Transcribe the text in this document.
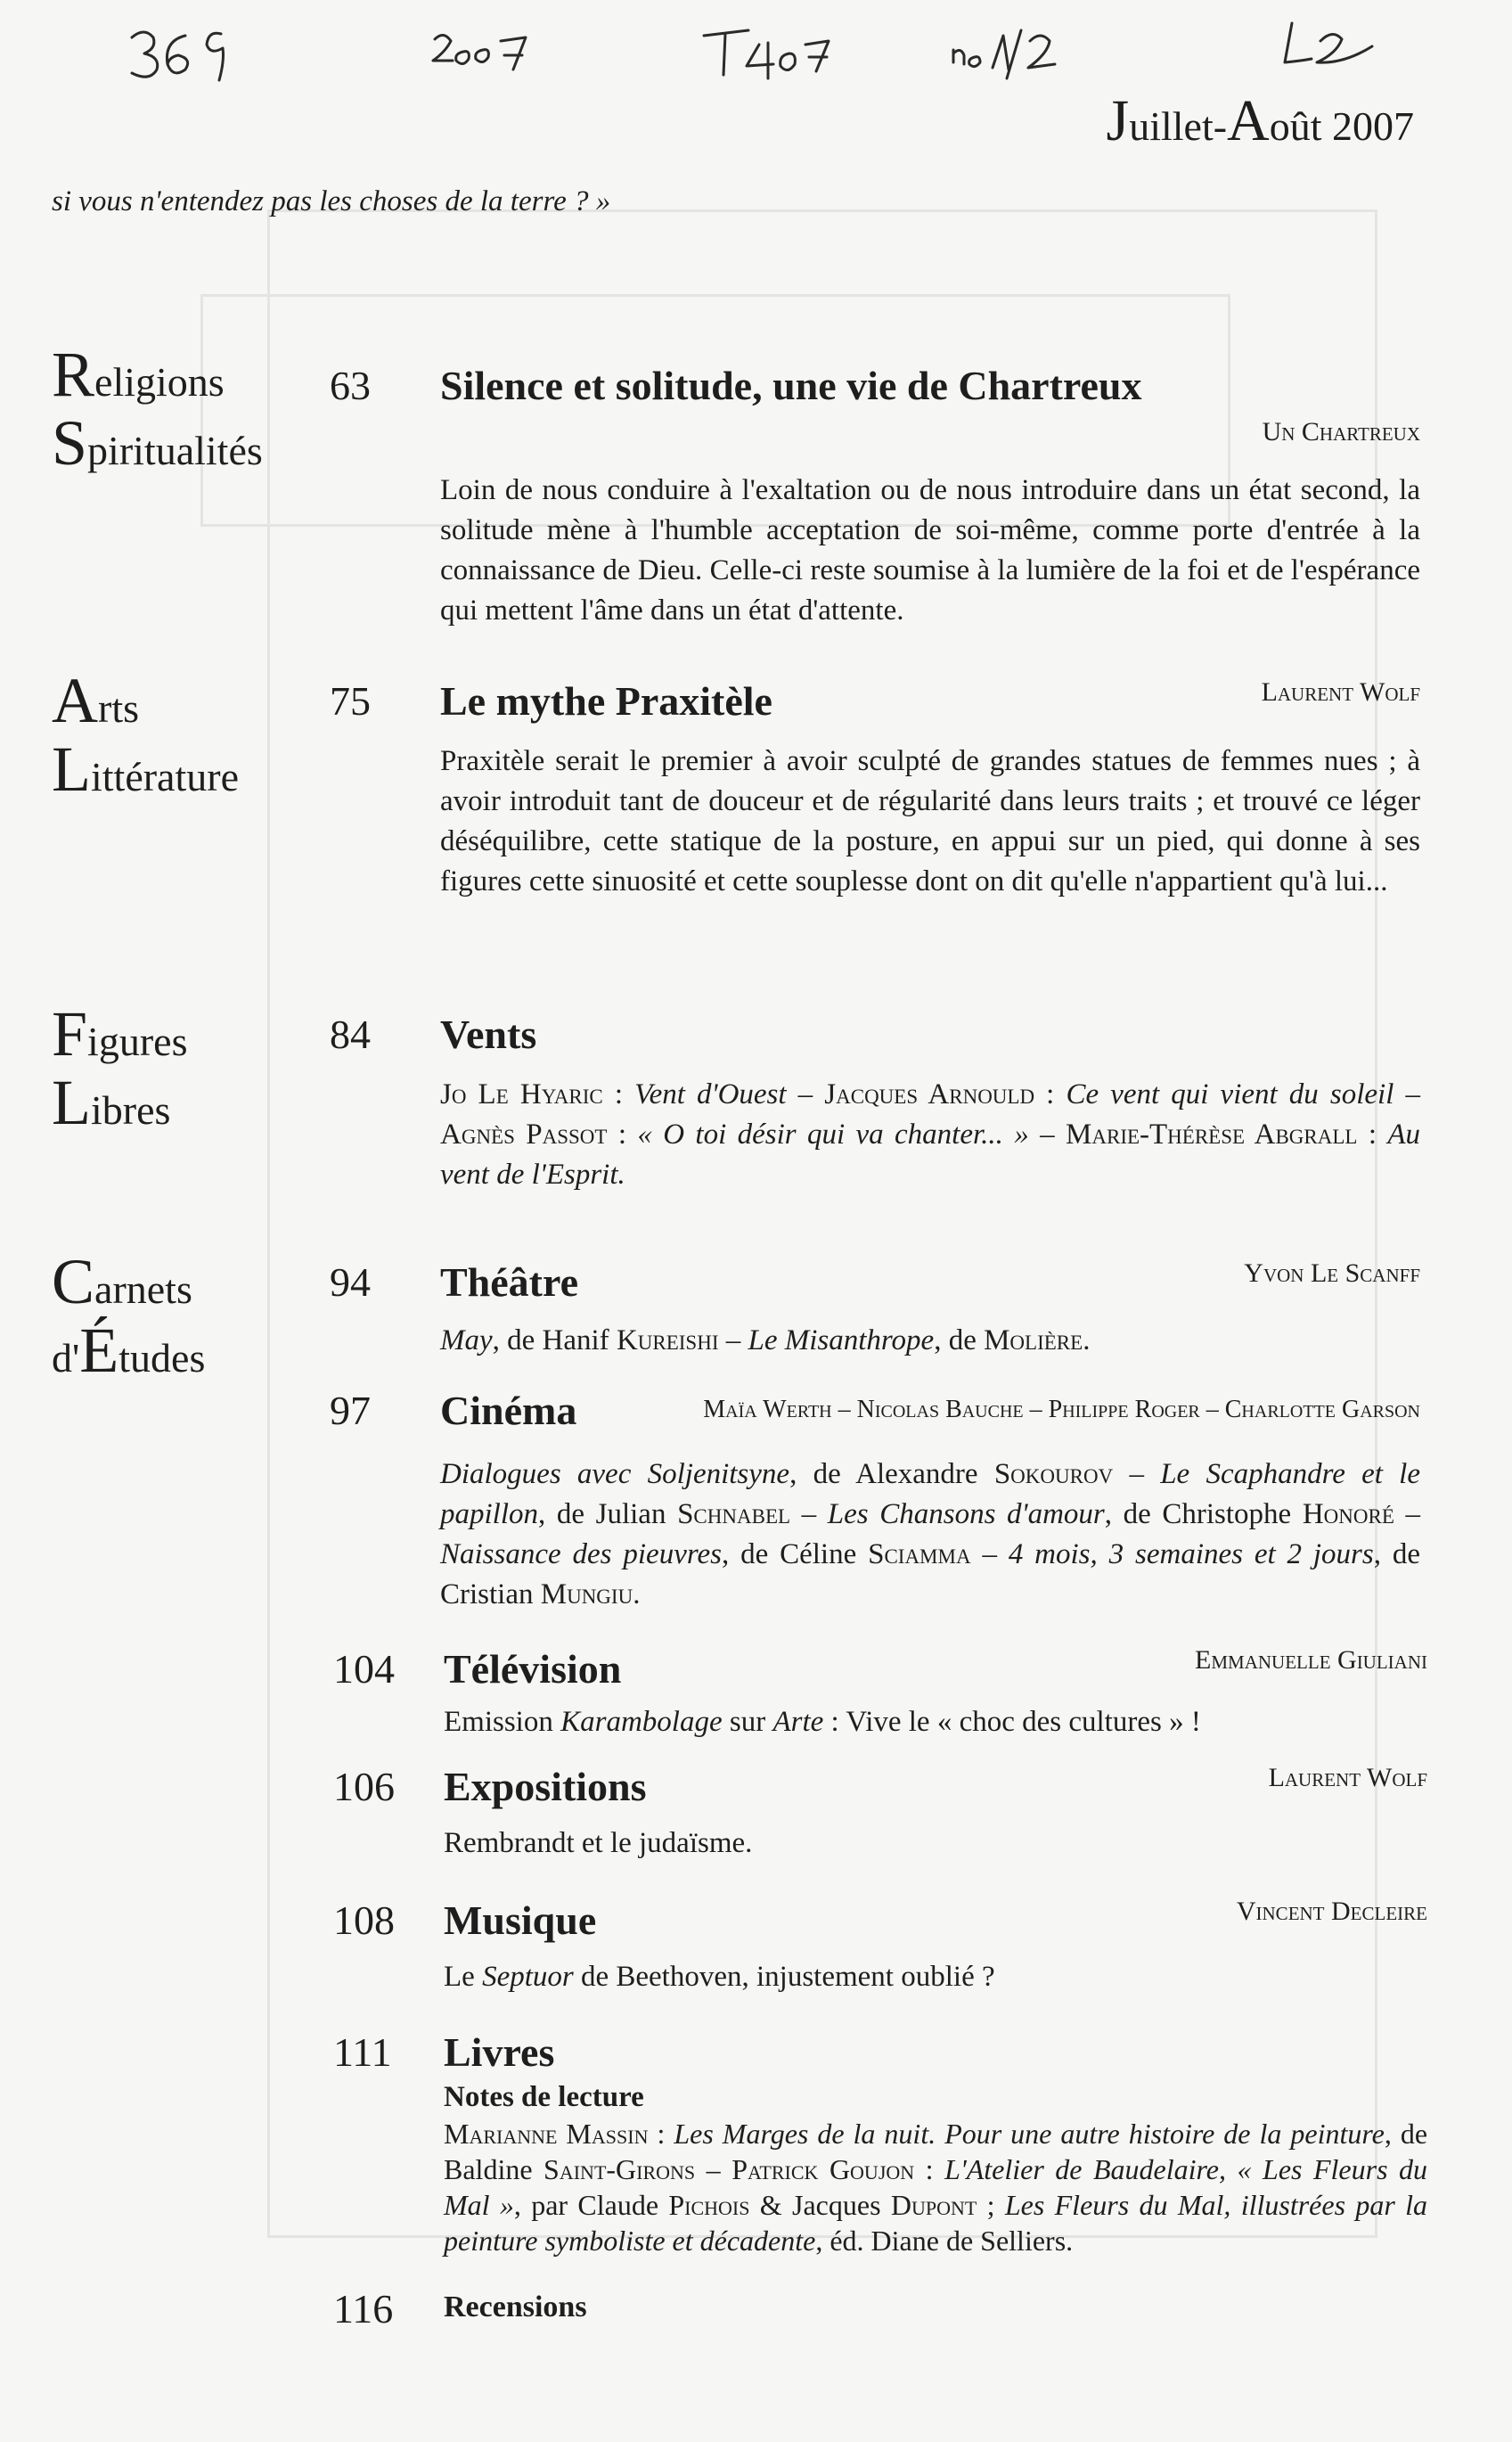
Juillet-Août 2007
si vous n'entendez pas les choses de la terre ? »
Religions
Spiritualités
Arts
Littérature
Figures
Libres
Carnets
d'Études
63 Silence et solitude, une vie de Chartreux
Un Chartreux

Loin de nous conduire à l'exaltation ou de nous introduire dans un état second, la solitude mène à l'humble acceptation de soi-même, comme porte d'entrée à la connaissance de Dieu. Celle-ci reste soumise à la lumière de la foi et de l'espérance qui mettent l'âme dans un état d'attente.

75 Le mythe Praxitèle	Laurent Wolf

Praxitèle serait le premier à avoir sculpté de grandes statues de femmes nues ; à avoir introduit tant de douceur et de régularité dans leurs traits ; et trouvé ce léger déséquilibre, cette statique de la posture, en appui sur un pied, qui donne à ses figures cette sinuosité et cette souplesse dont on dit qu'elle n'appartient qu'à lui...

84 Vents

Jo Le Hyaric : Vent d'Ouest – Jacques Arnould : Ce vent qui vient du soleil – Agnès Passot : « O toi désir qui va chanter... » – Marie-Thérèse Abgrall : Au vent de l'Esprit.

94 Théâtre	Yvon Le Scanff

May, de Hanif Kureishi – Le Misanthrope, de Molière.

97 Cinéma	Maïa Werth – Nicolas Bauche – Philippe Roger – Charlotte Garson

Dialogues avec Soljenitsyne, de Alexandre Sokourov – Le Scaphandre et le papillon, de Julian Schnabel – Les Chansons d'amour, de Christophe Honoré – Naissance des pieuvres, de Céline Sciamma – 4 mois, 3 semaines et 2 jours, de Cristian Mungiu.

104 Télévision	Emmanuelle Giuliani

Emission Karambolage sur Arte : Vive le « choc des cultures » !

106 Expositions	Laurent Wolf

Rembrandt et le judaïsme.

108 Musique	Vincent Decleire

Le Septuor de Beethoven, injustement oublié ?

111 Livres

Notes de lecture

Marianne Massin : Les Marges de la nuit. Pour une autre histoire de la peinture, de Baldine Saint-Girons – Patrick Goujon : L'Atelier de Baudelaire, « Les Fleurs du Mal », par Claude Pichois & Jacques Dupont ; Les Fleurs du Mal, illustrées par la peinture symboliste et décadente, éd. Diane de Selliers.

116 Recensions
